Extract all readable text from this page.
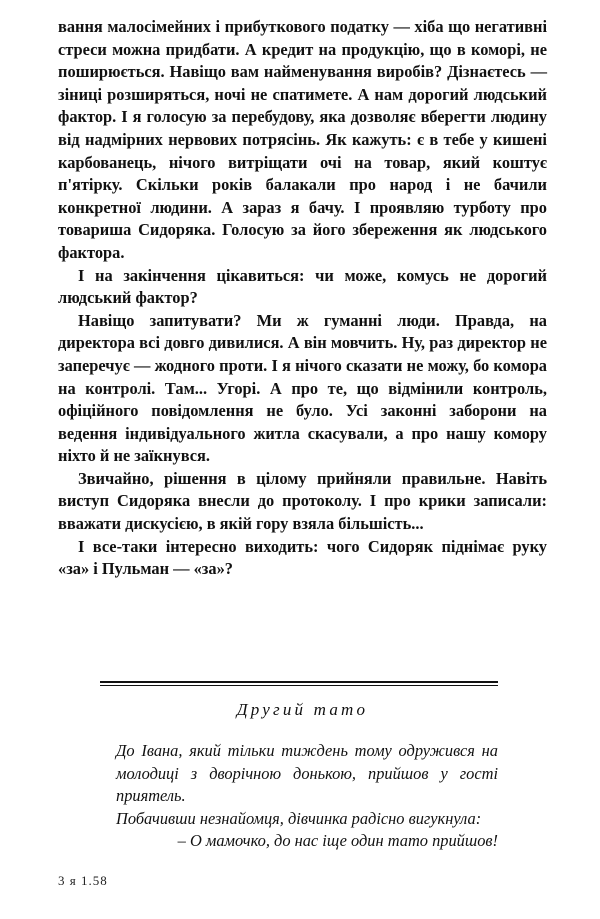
вання малосімейних і прибуткового податку — хіба що негативні стреси можна придбати. А кредит на продукцію, що в коморі, не поширюється. Навіщо вам найменування виробів? Дізнаєтесь — зіниці розширяться, ночі не спатимете. А нам дорогий людський фактор. І я голосую за перебудову, яка дозволяє вберегти людину від надмірних нервових потрясінь. Як кажуть: є в тебе у кишені карбованець, нічого витріщати очі на товар, який коштує п'ятірку. Скільки років балакали про народ і не бачили конкретної людини. А зараз я бачу. І проявляю турботу про товариша Сидоряка. Голосую за його збереження як людського фактора.

І на закінчення цікавиться: чи може, комусь не дорогий людський фактор?

Навіщо запитувати? Ми ж гуманні люди. Правда, на директора всі довго дивилися. А він мовчить. Ну, раз директор не заперечує — жодного проти. І я нічого сказати не можу, бо комора на контролі. Там... Угорі. А про те, що відмінили контроль, офіційного повідомлення не було. Усі законні заборони на ведення індивідуального житла скасували, а про нашу комору ніхто й не заїкнувся.

Звичайно, рішення в цілому прийняли правильне. Навіть виступ Сидоряка внесли до протоколу. І про крики записали: вважати дискусією, в якій гору взяла більшість...

І все-таки інтересно виходить: чого Сидоряк піднімає руку «за» і Пульман — «за»?

Другий тато

До Івана, який тільки тиждень тому одружився на молодиці з дворічною донькою, прийшов у гості приятель.

Побачивши незнайомця, дівчинка радісно вигукнула:

– О мамочко, до нас іще один тато прийшов!

3 я 1.58
